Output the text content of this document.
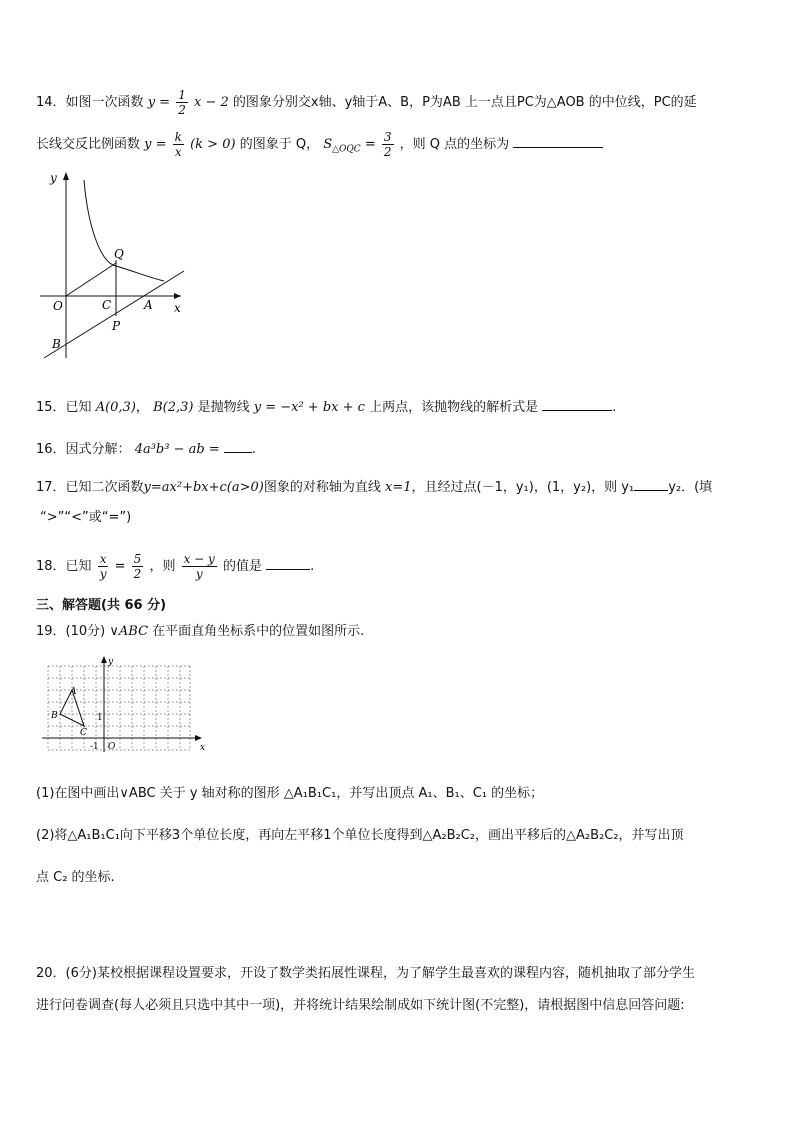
14．如图一次函数 $y = \frac{1}{2}$ x − 2 的图象分别交x轴、y轴于A、B，P为AB 上一点且PC为△AOB 的中位线，PC的延
长线交反比例函数 $y = \frac{k}{x} (k > 0)$ 的图象于 Q， $S_{\triangle OQC} = \frac{3}{2}$ ，则 Q 点的坐标为
y
x
O	C	A
Q
P
B
15．已知 A(0,3)， B(2,3) 是抛物线 y = −x² + bx + c 上两点，该抛物线的解析式是	.
16．因式分解： 4a³b³ − ab = .
17．已知二次函数y=ax²+bx+c(a>0)图象的对称轴为直线 x=1，且经过点(－1，y₁)，(1，y₂)，则 y₁	y₂．(填
“>”“<”或“=”)
18．已知 $\frac{x}{y} = \frac{5}{2}$ ，则 $\frac{x - y}{y}$ 的值是	.
三、解答题(共 66 分)
19．(10分) ∨ABC 在平面直角坐标系中的位置如图所示.
y
x
A
B
C
1
-1 O
(1)在图中画出∨ABC 关于 y 轴对称的图形 △A₁B₁C₁，并写出顶点 A₁、B₁、C₁ 的坐标；
(2)将△A₁B₁C₁向下平移3个单位长度，再向左平移1个单位长度得到△A₂B₂C₂，画出平移后的△A₂B₂C₂，并写出顶
点 C₂ 的坐标.
20．(6分)某校根据课程设置要求，开设了数学类拓展性课程，为了解学生最喜欢的课程内容，随机抽取了部分学生
进行问卷调查(每人必须且只选中其中一项)，并将统计结果绘制成如下统计图(不完整)，请根据图中信息回答问题:
